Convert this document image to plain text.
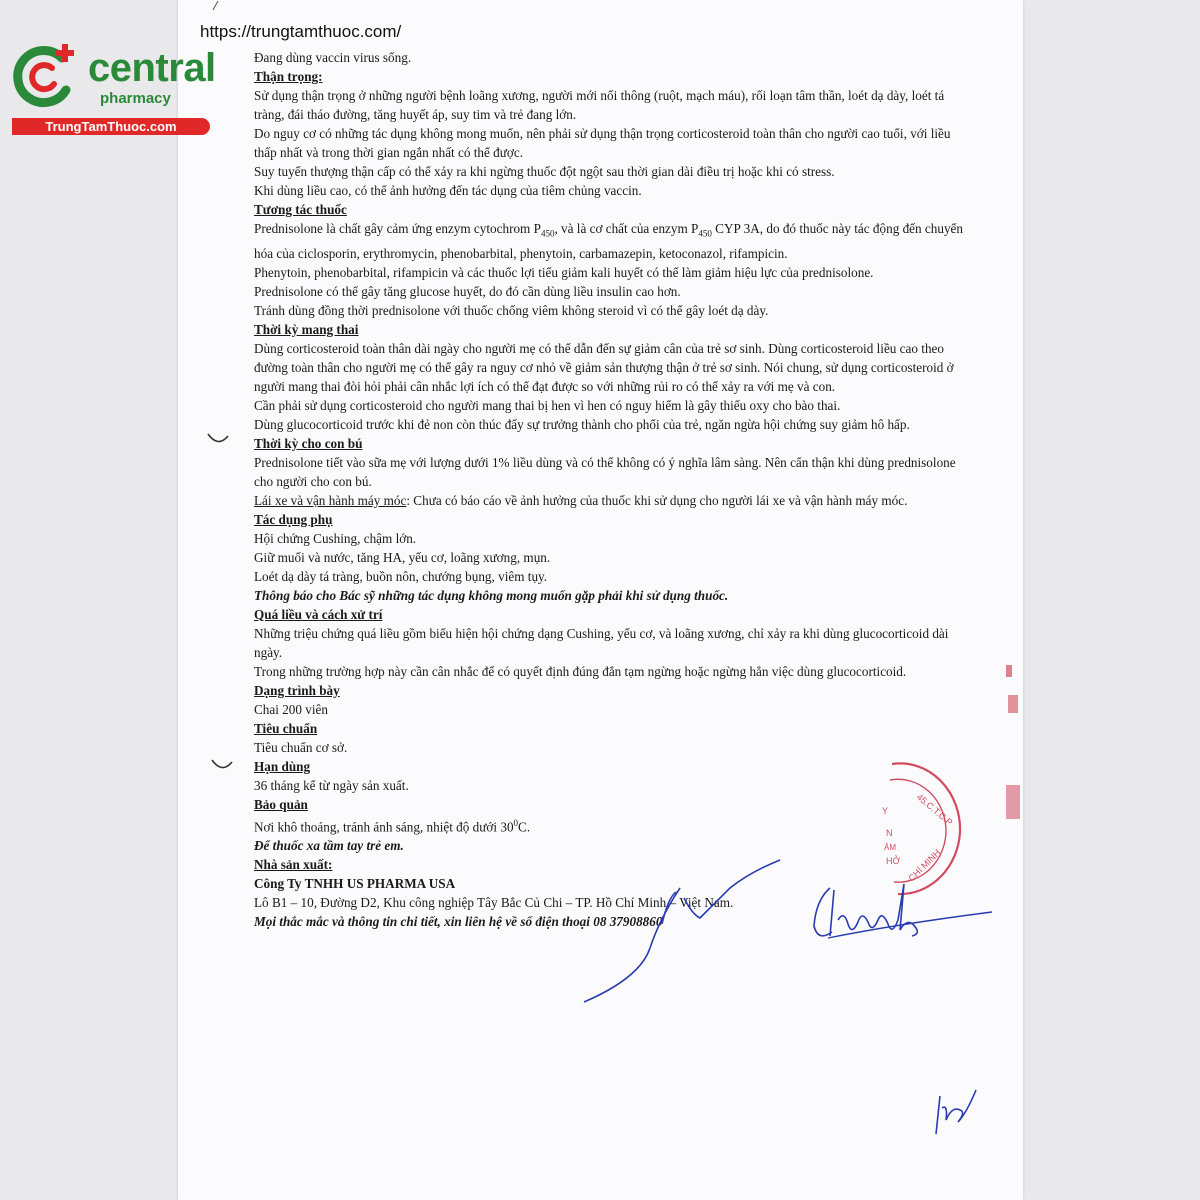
https://trungtamthuoc.com/
central
pharmacy
TrungTamThuoc.com

Đang dùng vaccin virus sống.

Thận trọng:

Sử dụng thận trọng ở những người bệnh loãng xương, người mới nối thông (ruột, mạch máu), rối loạn tâm thần, loét dạ dày, loét tá tràng, đái tháo đường, tăng huyết áp, suy tim và trẻ đang lớn.

Do nguy cơ có những tác dụng không mong muốn, nên phải sử dụng thận trọng corticosteroid toàn thân cho người cao tuổi, với liều thấp nhất và trong thời gian ngắn nhất có thể được.

Suy tuyến thượng thận cấp có thể xảy ra khi ngừng thuốc đột ngột sau thời gian dài điều trị hoặc khi có stress.

Khi dùng liều cao, có thể ảnh hưởng đến tác dụng của tiêm chủng vaccin.

Tương tác thuốc

Prednisolone là chất gây cảm ứng enzym cytochrom $P_{450}$, và là cơ chất của enzym $P_{450}$ CYP 3A, do đó thuốc này tác động đến chuyển hóa của ciclosporin, erythromycin, phenobarbital, phenytoin, carbamazepin, ketoconazol, rifampicin.

Phenytoin, phenobarbital, rifampicin và các thuốc lợi tiểu giảm kali huyết có thể làm giảm hiệu lực của prednisolone.

Prednisolone có thể gây tăng glucose huyết, do đó cần dùng liều insulin cao hơn.

Tránh dùng đồng thời prednisolone với thuốc chống viêm không steroid vì có thể gây loét dạ dày.

Thời kỳ mang thai

Dùng corticosteroid toàn thân dài ngày cho người mẹ có thể dẫn đến sự giảm cân của trẻ sơ sinh. Dùng corticosteroid liều cao theo đường toàn thân cho người mẹ có thể gây ra nguy cơ nhỏ về giảm sản thượng thận ở trẻ sơ sinh. Nói chung, sử dụng corticosteroid ở người mang thai đòi hỏi phải cân nhắc lợi ích có thể đạt được so với những rủi ro có thể xảy ra với mẹ và con.

Cần phải sử dụng corticosteroid cho người mang thai bị hen vì hen có nguy hiểm là gây thiếu oxy cho bào thai.

Dùng glucocorticoid trước khi đẻ non còn thúc đẩy sự trưởng thành cho phổi của trẻ, ngăn ngừa hội chứng suy giảm hô hấp.

Thời kỳ cho con bú

Prednisolone tiết vào sữa mẹ với lượng dưới 1% liều dùng và có thể không có ý nghĩa lâm sàng. Nên cẩn thận khi dùng prednisolone cho người cho con bú.

Lái xe và vận hành máy móc: Chưa có báo cáo về ảnh hưởng của thuốc khi sử dụng cho người lái xe và vận hành máy móc.

Tác dụng phụ

Hội chứng Cushing, chậm lớn.

Giữ muối và nước, tăng HA, yếu cơ, loãng xương, mụn.

Loét dạ dày tá tràng, buồn nôn, chướng bụng, viêm tụy.

Thông báo cho Bác sỹ những tác dụng không mong muốn gặp phải khi sử dụng thuốc.

Quá liều và cách xử trí

Những triệu chứng quá liều gồm biểu hiện hội chứng dạng Cushing, yếu cơ, và loãng xương, chỉ xảy ra khi dùng glucocorticoid dài ngày.

Trong những trường hợp này cần cân nhắc để có quyết định đúng đắn tạm ngừng hoặc ngừng hẳn việc dùng glucocorticoid.

Dạng trình bày

Chai 200 viên

Tiêu chuẩn

Tiêu chuẩn cơ sở.

Hạn dùng

36 tháng kể từ ngày sản xuất.

Bảo quản

Nơi khô thoáng, tránh ánh sáng, nhiệt độ dưới $30^0C$.

Để thuốc xa tầm tay trẻ em.

Nhà sản xuất:

Công Ty TNHH US PHARMA USA

Lô B1 – 10, Đường D2, Khu công nghiệp Tây Bắc Củ Chi – TP. Hồ Chí Minh – Việt Nam.

Mọi thắc mắc và thông tin chi tiết, xin liên hệ về số điện thoại 08 37908860

45.C.T.C.P
CHÍ MINH
Y
N
ÂM
HỞ
